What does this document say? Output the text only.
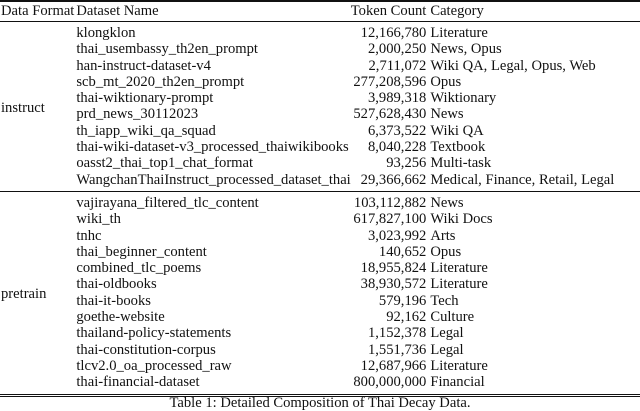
Data Format	Dataset Name	Token Count	Category
instruct	klongklon	12,166,780	Literature
	thai_usembassy_th2en_prompt	2,000,250	News, Opus
	han-instruct-dataset-v4	2,711,072	Wiki QA, Legal, Opus, Web
	scb_mt_2020_th2en_prompt	277,208,596	Opus
	thai-wiktionary-prompt	3,989,318	Wiktionary
	prd_news_30112023	527,628,430	News
	th_iapp_wiki_qa_squad	6,373,522	Wiki QA
	thai-wiki-dataset-v3_processed_thaiwikibooks	8,040,228	Textbook
	oasst2_thai_top1_chat_format	93,256	Multi-task
	WangchanThaiInstruct_processed_dataset_thai	29,366,662	Medical, Finance, Retail, Legal
pretrain	vajirayana_filtered_tlc_content	103,112,882	News
	wiki_th	617,827,100	Wiki Docs
	tnhc	3,023,992	Arts
	thai_beginner_content	140,652	Opus
	combined_tlc_poems	18,955,824	Literature
	thai-oldbooks	38,930,572	Literature
	thai-it-books	579,196	Tech
	goethe-website	92,162	Culture
	thailand-policy-statements	1,152,378	Legal
	thai-constitution-corpus	1,551,736	Legal
	tlcv2.0_oa_processed_raw	12,687,966	Literature
	thai-financial-dataset	800,000,000	Financial
Table 1: Detailed Composition of Thai Decay Data.
